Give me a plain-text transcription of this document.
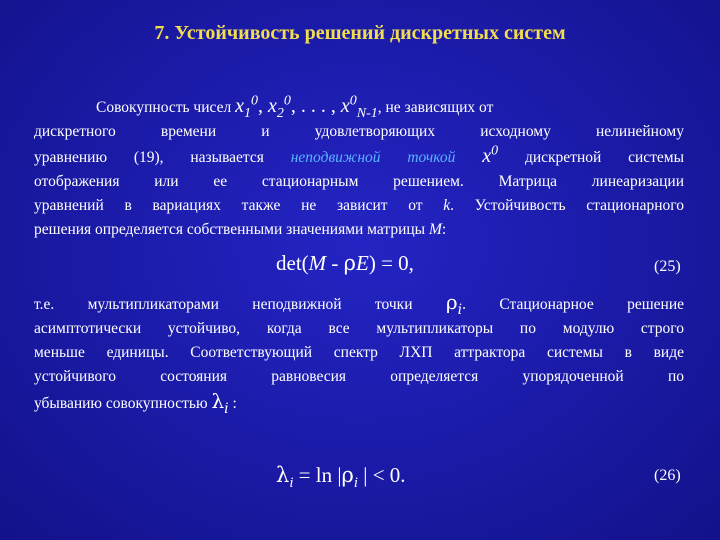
7. Устойчивость решений дискретных систем
Совокупность чисел $x_1^0$, $x_2^0$, . . . , $x^0_{N-1}$, не зависящих от
дискретного времени и удовлетворяющих исходному нелинейному
уравнению (19), называется неподвижной точкой $x^0$ дискретной системы
отображения или ее стационарным решением. Матрица линеаризации
уравнений в вариациях также не зависит от k. Устойчивость стационарного
решения определяется собственными значениями матрицы M:
det(M - ρE) = 0,	(25)
т.е. мультипликаторами неподвижной точки $\rho_i$. Стационарное решение
асимптотически устойчиво, когда все мультипликаторы по модулю строго
меньше единицы. Соответствующий спектр ЛХП аттрактора системы в виде
устойчивого состояния равновесия определяется упорядоченной по
убыванию совокупностью $\lambda_i$ :
$\lambda_i = \ln |\rho_i$ | < 0.	(26)
